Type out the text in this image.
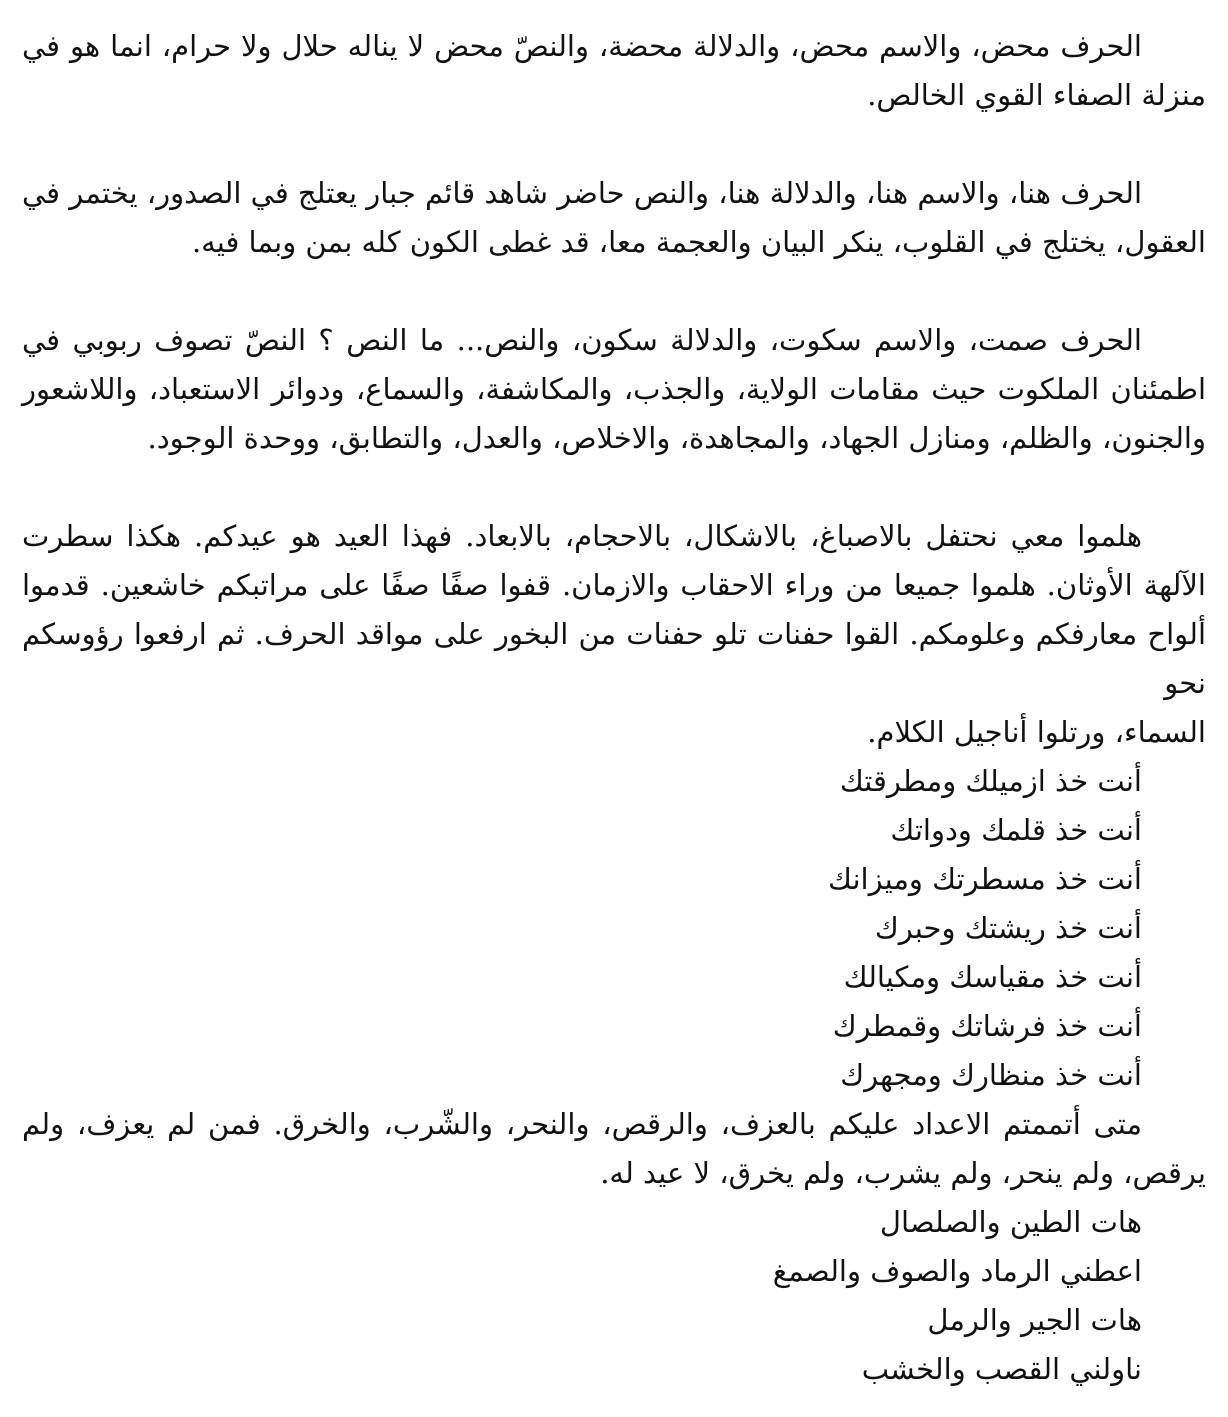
الحرف محض، والاسم محض، والدلالة محضة، والنصّ محض لا يناله حلال ولا حرام، انما هو في منزلة الصفاء القوي الخالص.

الحرف هنا، والاسم هنا، والدلالة هنا، والنص حاضر شاهد قائم جبار يعتلج في الصدور، يختمر في العقول، يختلج في القلوب، ينكر البيان والعجمة معا، قد غطى الكون كله بمن وبما فيه.

الحرف صمت، والاسم سكوت، والدلالة سكون، والنص... ما النص ؟ النصّ تصوف ربوبي في اطمئنان الملكوت حيث مقامات الولاية، والجذب، والمكاشفة، والسماع، ودوائر الاستعباد، واللاشعور والجنون، والظلم، ومنازل الجهاد، والمجاهدة، والاخلاص، والعدل، والتطابق، ووحدة الوجود.

هلموا معي نحتفل بالاصباغ، بالاشكال، بالاحجام، بالابعاد. فهذا العيد هو عيدكم. هكذا سطرت الآلهة الأوثان. هلموا جميعا من وراء الاحقاب والازمان. قفوا صفًا صفًا على مراتبكم خاشعين. قدموا ألواح معارفكم وعلومكم. القوا حفنات تلو حفنات من البخور على مواقد الحرف. ثم ارفعوا رؤوسكم نحو

السماء، ورتلوا أناجيل الكلام.

أنت خذ ازميلك ومطرقتك

أنت خذ قلمك ودواتك

أنت خذ مسطرتك وميزانك

أنت خذ ريشتك وحبرك

أنت خذ مقياسك ومكيالك

أنت خذ فرشاتك وقمطرك

أنت خذ منظارك ومجهرك

متى أتممتم الاعداد عليكم بالعزف، والرقص، والنحر، والشّرب، والخرق. فمن لم يعزف، ولم يرقص، ولم ينحر، ولم يشرب، ولم يخرق، لا عيد له.

هات الطين والصلصال

اعطني الرماد والصوف والصمغ

هات الجير والرمل

ناولني القصب والخشب
